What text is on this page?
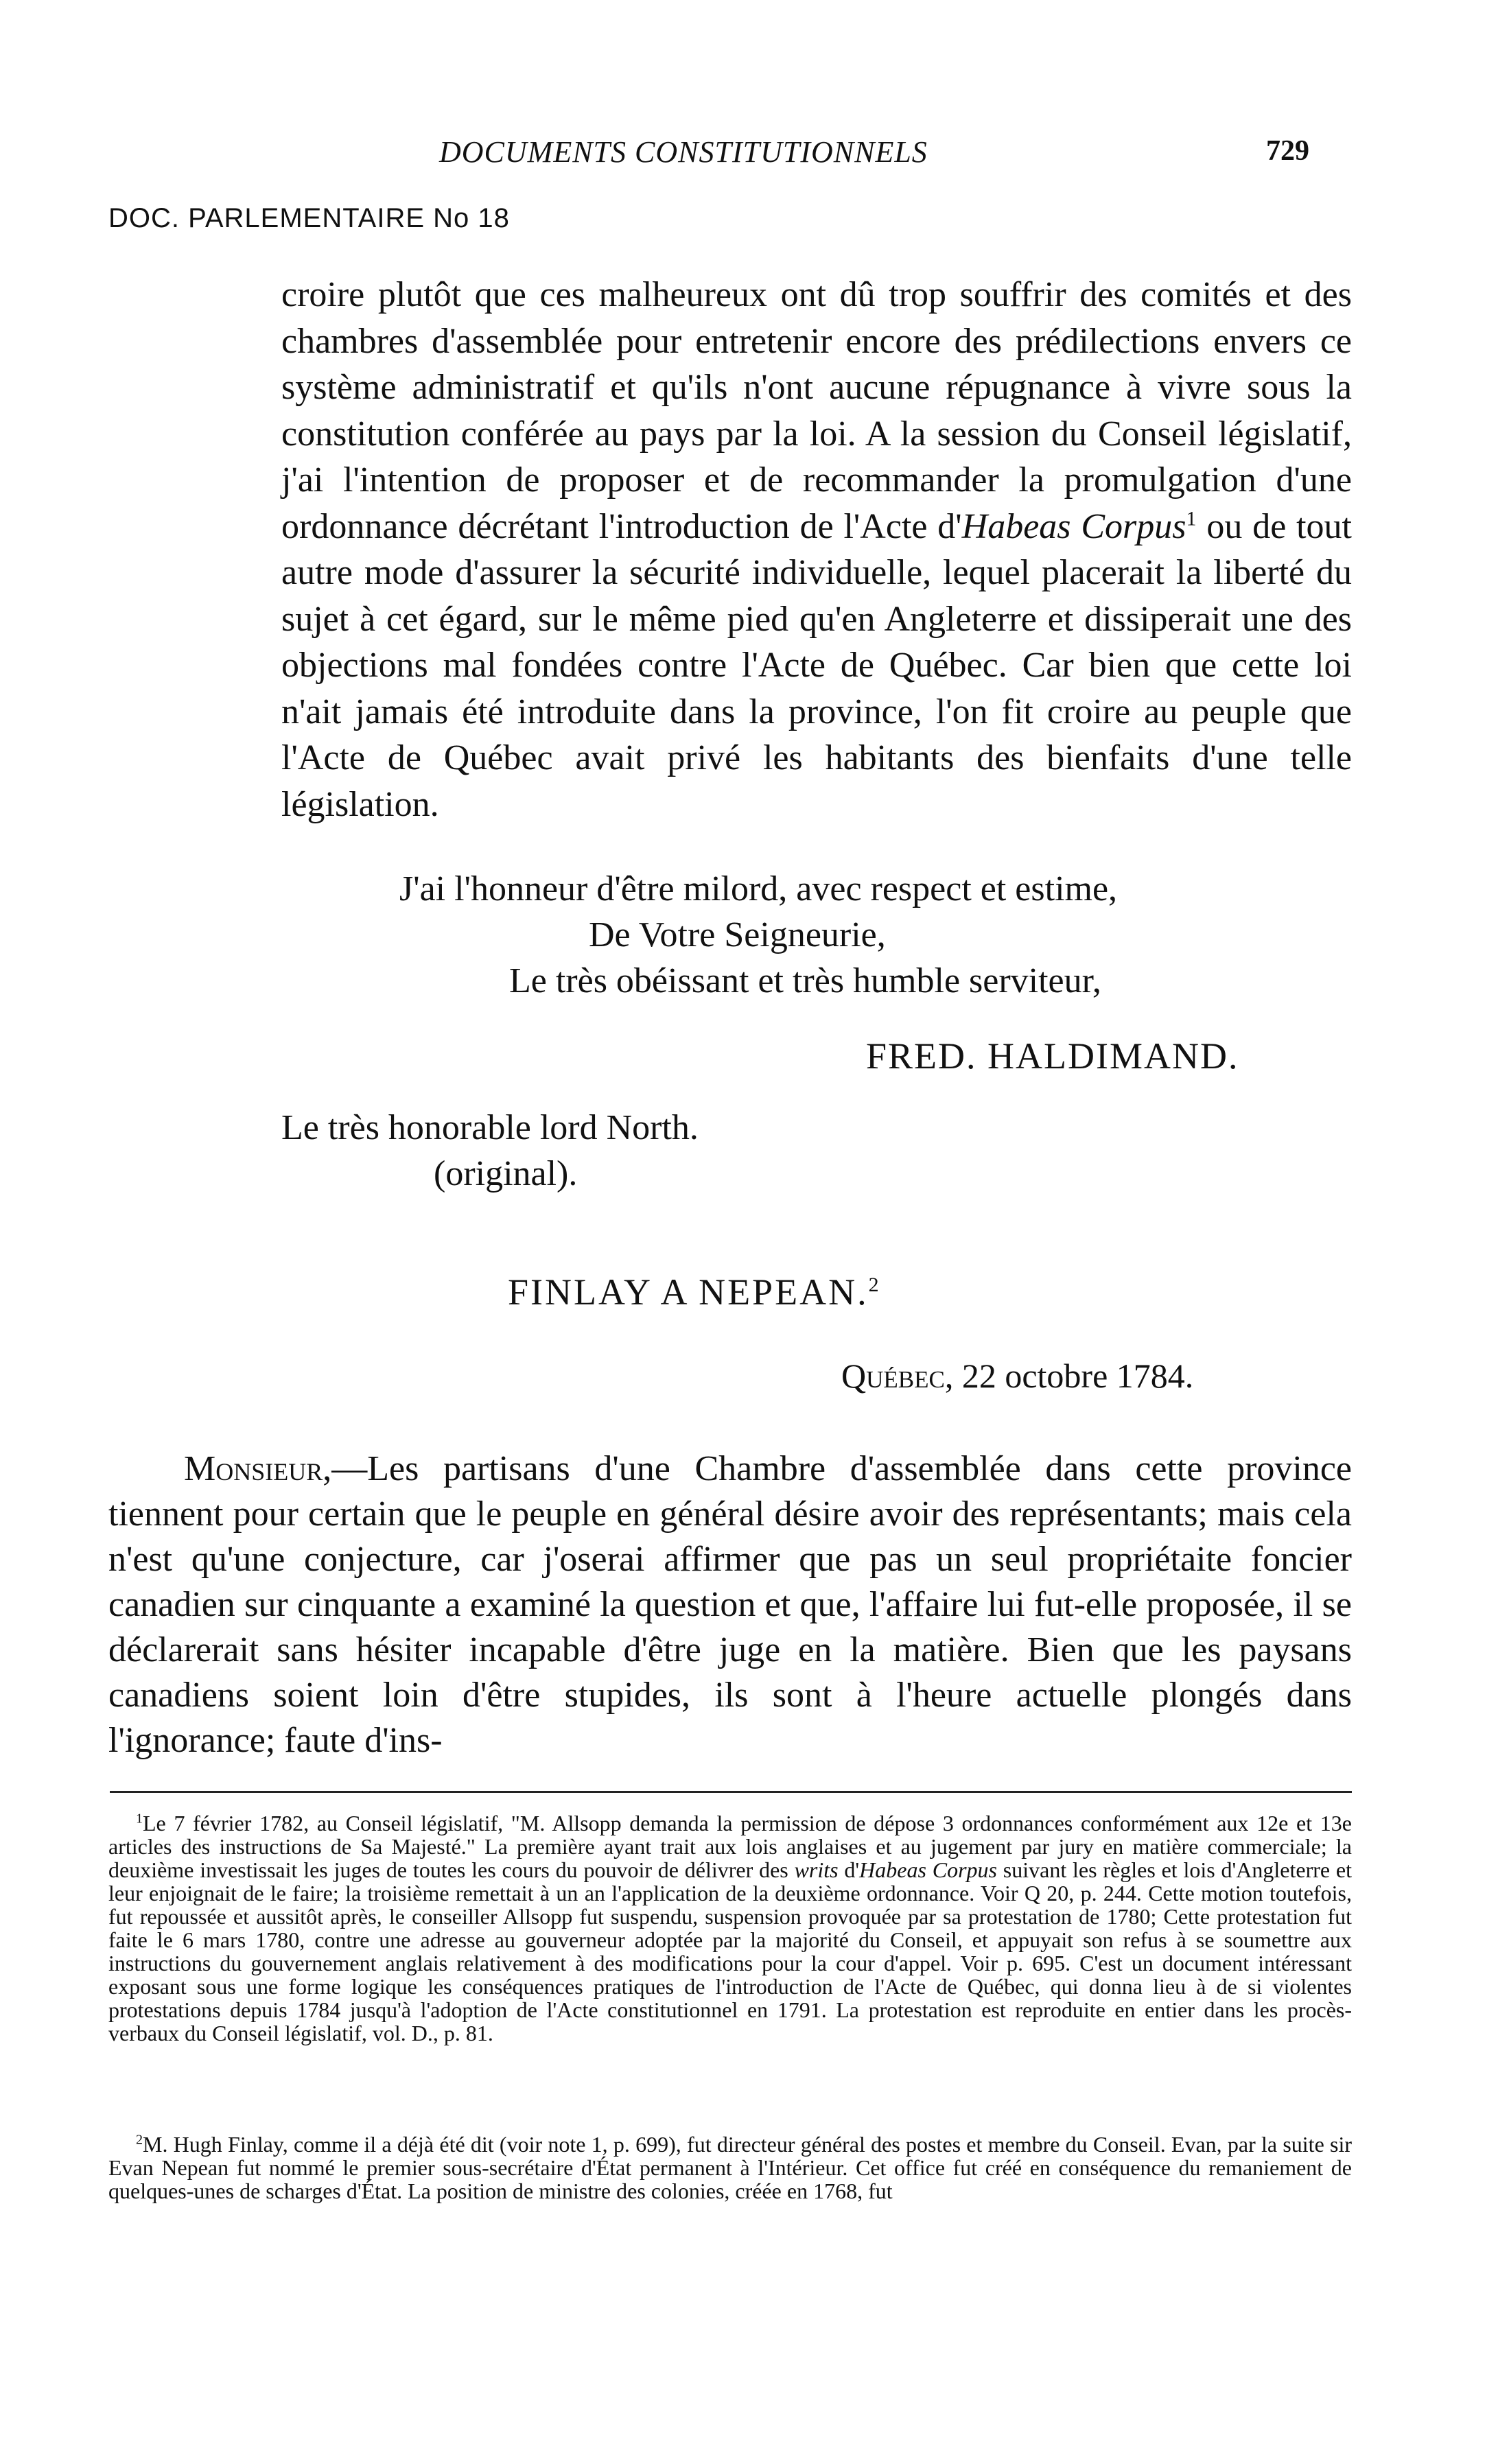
DOCUMENTS CONSTITUTIONNELS	729
DOC. PARLEMENTAIRE No 18
croire plutôt que ces malheureux ont dû trop souffrir des comités et des chambres d'assemblée pour entretenir encore des prédilections envers ce système administratif et qu'ils n'ont aucune répugnance à vivre sous la constitution conférée au pays par la loi. A la session du Conseil législatif, j'ai l'intention de proposer et de recommander la promulgation d'une ordonnance décrétant l'introduction de l'Acte d'Habeas Corpus$^1$ ou de tout autre mode d'assurer la sécurité individuelle, lequel placerait la liberté du sujet à cet égard, sur le même pied qu'en Angleterre et dissiperait une des objections mal fondées contre l'Acte de Québec. Car bien que cette loi n'ait jamais été introduite dans la province, l'on fit croire au peuple que l'Acte de Québec avait privé les habitants des bienfaits d'une telle législation.
J'ai l'honneur d'être milord, avec respect et estime,
De Votre Seigneurie,
Le très obéissant et très humble serviteur,
FRED. HALDIMAND.
Le très honorable lord North.
(original).
FINLAY A NEPEAN.$^2$
Québec, 22 octobre 1784.
Monsieur,—Les partisans d'une Chambre d'assemblée dans cette province tiennent pour certain que le peuple en général désire avoir des représentants; mais cela n'est qu'une conjecture, car j'oserai affirmer que pas un seul propriétaite foncier canadien sur cinquante a examiné la question et que, l'affaire lui fut-elle proposée, il se déclarerait sans hésiter incapable d'être juge en la matière. Bien que les paysans canadiens soient loin d'être stupides, ils sont à l'heure actuelle plongés dans l'ignorance; faute d'ins-
$^1$Le 7 février 1782, au Conseil législatif, "M. Allsopp demanda la permission de dépose 3 ordonnances conformément aux 12e et 13e articles des instructions de Sa Majesté." La première ayant trait aux lois anglaises et au jugement par jury en matière commerciale; la deuxième investissait les juges de toutes les cours du pouvoir de délivrer des writs d'Habeas Corpus suivant les règles et lois d'Angleterre et leur enjoignait de le faire; la troisième remettait à un an l'application de la deuxième ordonnance. Voir Q 20, p. 244. Cette motion toutefois, fut repoussée et aussitôt après, le conseiller Allsopp fut suspendu, suspension provoquée par sa protestation de 1780; Cette protestation fut faite le 6 mars 1780, contre une adresse au gouverneur adoptée par la majorité du Conseil, et appuyait son refus à se soumettre aux instructions du gouvernement anglais relativement à des modifications pour la cour d'appel. Voir p. 695. C'est un document intéressant exposant sous une forme logique les conséquences pratiques de l'introduction de l'Acte de Québec, qui donna lieu à de si violentes protestations depuis 1784 jusqu'à l'adoption de l'Acte constitutionnel en 1791. La protestation est reproduite en entier dans les procès-verbaux du Conseil législatif, vol. D., p. 81.
$^2$M. Hugh Finlay, comme il a déjà été dit (voir note 1, p. 699), fut directeur général des postes et membre du Conseil. Evan, par la suite sir Evan Nepean fut nommé le premier sous-secrétaire d'État permanent à l'Intérieur. Cet office fut créé en conséquence du remaniement de quelques-unes de scharges d'État. La position de ministre des colonies, créée en 1768, fut
